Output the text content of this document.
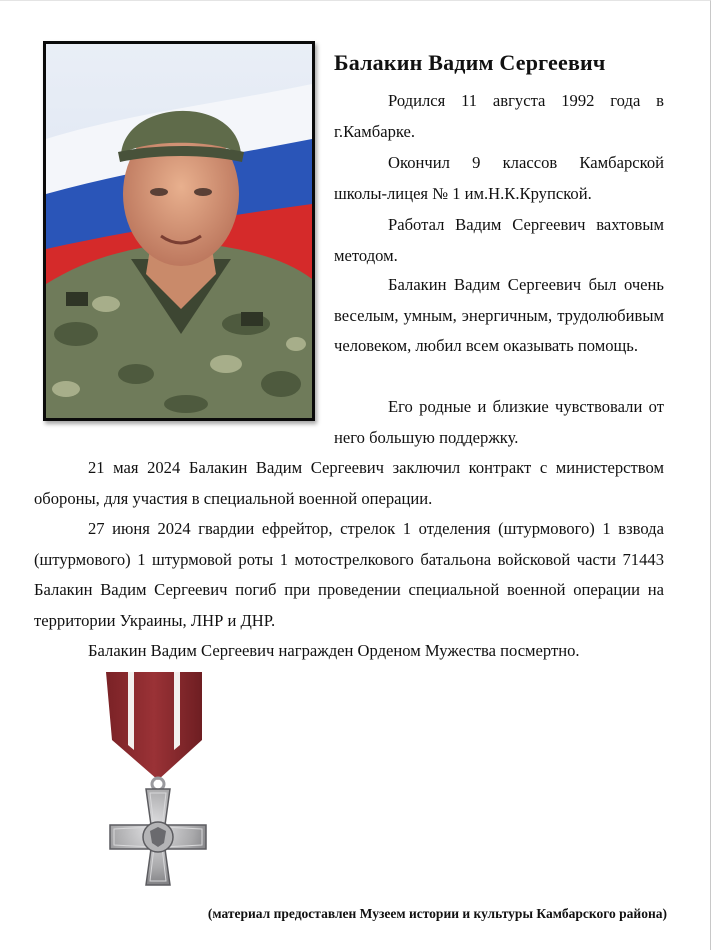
Балакин Вадим Сергеевич

Родился 11 августа 1992 года в г.Камбарке.

Окончил 9 классов Камбарской школы-лицея № 1 им.Н.К.Крупской.

Работал Вадим Сергеевич вахтовым методом.

Балакин Вадим Сергеевич был очень веселым, умным, энергичным, трудолюбивым человеком, любил всем оказывать помощь.

Его родные и близкие чувствовали от него большую поддержку.

21 мая 2024 Балакин Вадим Сергеевич заключил контракт с министерством обороны, для участия в специальной военной операции.

27 июня 2024 гвардии ефрейтор, стрелок 1 отделения (штурмового) 1 взвода (штурмового) 1 штурмовой роты 1 мотострелкового батальона войсковой части 71443 Балакин Вадим Сергеевич погиб при проведении специальной военной операции на территории Украины, ЛНР и ДНР.

Балакин Вадим Сергеевич награжден Орденом Мужества посмертно.

(материал предоставлен Музеем истории и культуры Камбарского района)
